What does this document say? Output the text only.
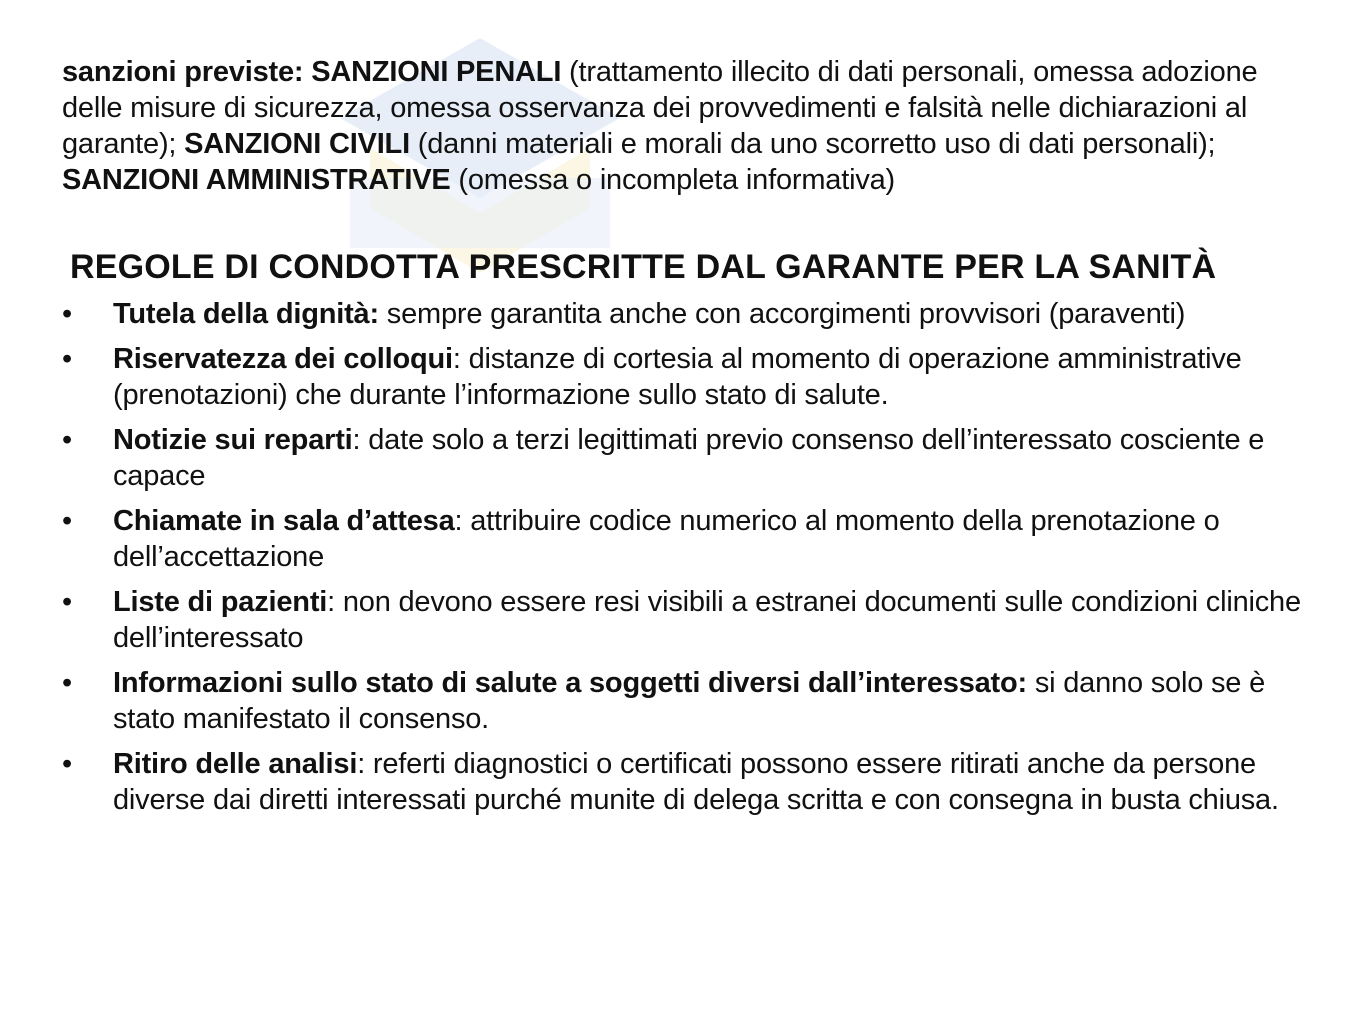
sanzioni previste: SANZIONI PENALI (trattamento illecito di dati personali, omessa adozione delle misure di sicurezza, omessa osservanza dei provvedimenti e falsità nelle dichiarazioni al garante); SANZIONI CIVILI (danni materiali e morali da uno scorretto uso di dati personali); SANZIONI AMMINISTRATIVE (omessa o incompleta informativa)
REGOLE DI CONDOTTA PRESCRITTE DAL GARANTE PER LA SANITÀ
• Tutela della dignità: sempre garantita anche con accorgimenti provvisori (paraventi)
• Riservatezza dei colloqui: distanze di cortesia al momento di operazione amministrative (prenotazioni) che durante l’informazione sullo stato di salute.
• Notizie sui reparti: date solo a terzi legittimati previo consenso dell’interessato cosciente e capace
• Chiamate in sala d’attesa: attribuire codice numerico al momento della prenotazione o dell’accettazione
• Liste di pazienti: non devono essere resi visibili a estranei documenti sulle condizioni cliniche dell’interessato
• Informazioni sullo stato di salute a soggetti diversi dall’interessato: si danno solo se è stato manifestato il consenso.
• Ritiro delle analisi: referti diagnostici o certificati possono essere ritirati anche da persone diverse dai diretti interessati purché munite di delega scritta e con consegna in busta chiusa.
